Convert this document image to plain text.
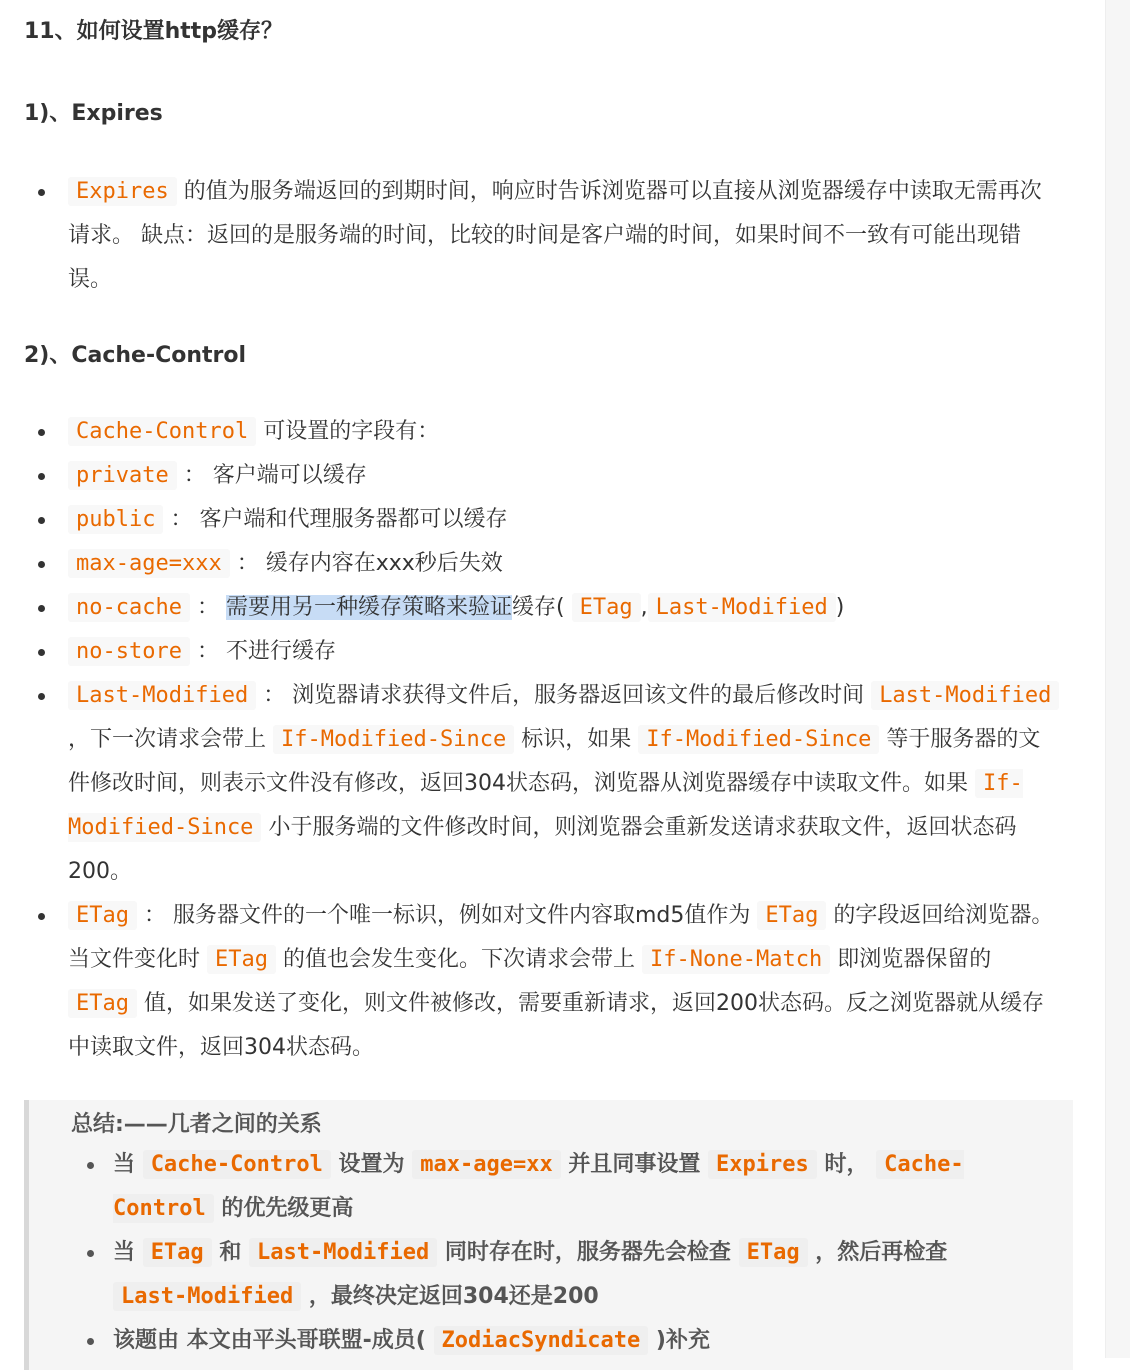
11、如何设置http缓存？
1)、Expires
Expires 的值为服务端返回的到期时间，响应时告诉浏览器可以直接从浏览器缓存中读取无需再次请求。 缺点：返回的是服务端的时间，比较的时间是客户端的时间，如果时间不一致有可能出现错误。
2)、Cache-Control
Cache-Control 可设置的字段有：
private ： 客户端可以缓存
public ： 客户端和代理服务器都可以缓存
max-age=xxx ： 缓存内容在xxx秒后失效
no-cache ： 需要用另一种缓存策略来验证缓存( ETag , Last-Modified )
no-store ： 不进行缓存
Last-Modified ： 浏览器请求获得文件后，服务器返回该文件的最后修改时间 Last-Modified ，下一次请求会带上 If-Modified-Since 标识，如果 If-Modified-Since 等于服务器的文件修改时间，则表示文件没有修改，返回304状态码，浏览器从浏览器缓存中读取文件。如果 If-Modified-Since 小于服务端的文件修改时间，则浏览器会重新发送请求获取文件，返回状态码200。
ETag ： 服务器文件的一个唯一标识，例如对文件内容取md5值作为 ETag 的字段返回给浏览器。当文件变化时 ETag 的值也会发生变化。下次请求会带上 If-None-Match 即浏览器保留的 ETag 值，如果发送了变化，则文件被修改，需要重新请求，返回200状态码。反之浏览器就从缓存中读取文件，返回304状态码。
总结:——几者之间的关系
当 Cache-Control 设置为 max-age=xx 并且同事设置 Expires 时， Cache-Control 的优先级更高
当 ETag 和 Last-Modified 同时存在时，服务器先会检查 ETag ，然后再检查 Last-Modified ，最终决定返回304还是200
该题由 本文由平头哥联盟-成员( ZodiacSyndicate )补充
